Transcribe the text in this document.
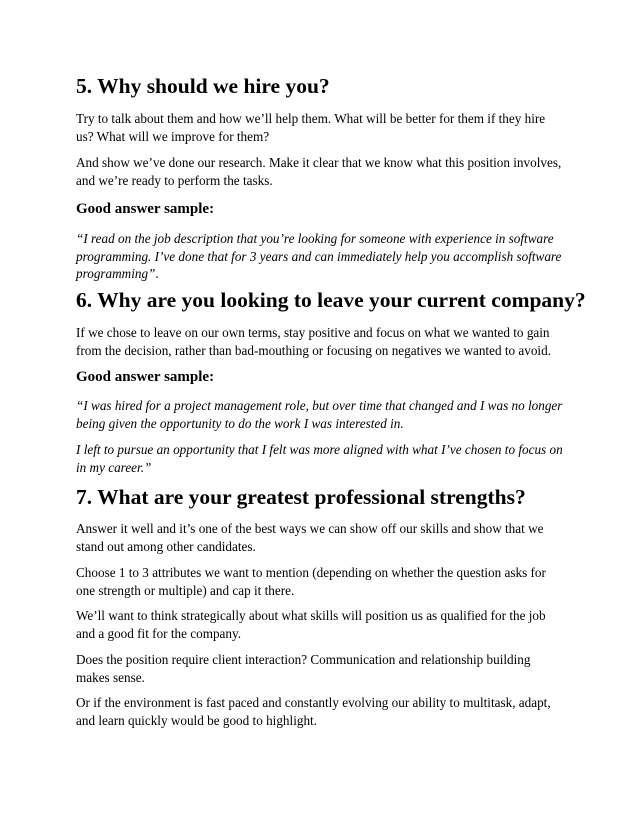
5. Why should we hire you?

Try to talk about them and how we’ll help them. What will be better for them if they hire us? What will we improve for them?

And show we’ve done our research. Make it clear that we know what this position involves, and we’re ready to perform the tasks.

Good answer sample:

“I read on the job description that you’re looking for someone with experience in software programming. I’ve done that for 3 years and can immediately help you accomplish software programming”.

6. Why are you looking to leave your current company?

If we chose to leave on our own terms, stay positive and focus on what we wanted to gain from the decision, rather than bad-mouthing or focusing on negatives we wanted to avoid.

Good answer sample:

“I was hired for a project management role, but over time that changed and I was no longer being given the opportunity to do the work I was interested in.

I left to pursue an opportunity that I felt was more aligned with what I’ve chosen to focus on in my career.”

7. What are your greatest professional strengths?

Answer it well and it’s one of the best ways we can show off our skills and show that we stand out among other candidates.

Choose 1 to 3 attributes we want to mention (depending on whether the question asks for one strength or multiple) and cap it there.

We’ll want to think strategically about what skills will position us as qualified for the job and a good fit for the company.

Does the position require client interaction? Communication and relationship building makes sense.

Or if the environment is fast paced and constantly evolving our ability to multitask, adapt, and learn quickly would be good to highlight.
